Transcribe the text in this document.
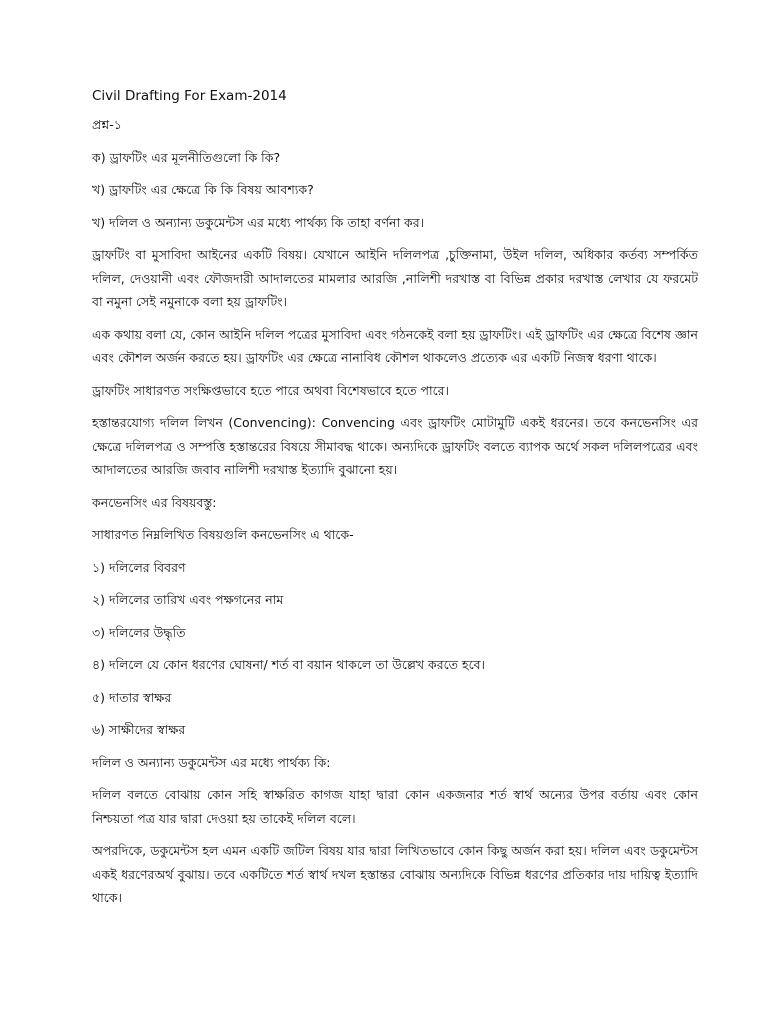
Civil Drafting For Exam-2014

প্রশ্ন-১

ক) ড্রাফটিং এর মূলনীতিগুলো কি কি?

খ) ড্রাফটিং এর ক্ষেত্রে কি কি বিষয় আবশ্যক?

খ) দলিল ও অন্যান্য ডকুমেন্টস এর মধ্যে পার্থক্য কি তাহা বর্ণনা কর।

ড্রাফটিং বা মুসাবিদা আইনের একটি বিষয়। যেখানে আইনি দলিলপত্র ,চুক্তিনামা, উইল দলিল, অধিকার কর্তব্য সম্পর্কিত দলিল, দেওয়ানী এবং ফৌজদারী আদালতের মামলার আরজি ,নালিশী দরখাস্ত বা বিভিন্ন প্রকার দরখাস্ত লেখার যে ফরমেট বা নমুনা সেই নমুনাকে বলা হয় ড্রাফটিং।

এক কথায় বলা যে, কোন আইনি দলিল পত্রের মুসাবিদা এবং গঠনকেই বলা হয় ড্রাফটিং। এই ড্রাফটিং এর ক্ষেত্রে বিশেষ জ্ঞান এবং কৌশল অর্জন করতে হয়। ড্রাফটিং এর ক্ষেত্রে নানাবিধ কৌশল থাকলেও প্রত্যেক এর একটি নিজস্ব ধরণা থাকে।

ড্রাফটিং সাধারণত সংক্ষিপ্তভাবে হতে পারে অথবা বিশেষভাবে হতে পারে।

হস্তান্তরযোগ্য দলিল লিখন (Convencing): Convencing এবং ড্রাফটিং মোটামুটি একই ধরনের। তবে কনভেনসিং এর ক্ষেত্রে দলিলপত্র ও সম্পত্তি হস্তান্তরের বিষয়ে সীমাবদ্ধ থাকে। অন্যদিকে ড্রাফটিং বলতে ব্যাপক অর্থে সকল দলিলপত্রের এবং আদালতের আরজি জবাব নালিশী দরখাস্ত ইত্যাদি বুঝানো হয়।

কনভেনসিং এর বিষয়বস্তু:

সাধারণত নিম্নলিখিত বিষয়গুলি কনভেনসিং এ থাকে-

১) দলিলের বিবরণ

২) দলিলের তারিখ এবং পক্ষগনের নাম

৩) দলিলের উদ্ধৃতি

৪) দলিলে যে কোন ধরণের ঘোষনা/ শর্ত বা বয়ান থাকলে তা উল্লেখ করতে হবে।

৫) দাতার স্বাক্ষর

৬) সাক্ষীদের স্বাক্ষর

দলিল ও অন্যান্য ডকুমেন্টস এর মধ্যে পার্থক্য কি:

দলিল বলতে বোঝায় কোন সহি স্বাক্ষরিত কাগজ যাহা দ্বারা কোন একজনার শর্ত স্বার্থ অন্যের উপর বর্তায় এবং কোন নিশ্চয়তা পত্র যার দ্বারা দেওয়া হয় তাকেই দলিল বলে।

অপরদিকে, ডকুমেন্টস হল এমন একটি জটিল বিষয় যার দ্বারা লিখিতভাবে কোন কিছু অর্জন করা হয়। দলিল এবং ডকুমেন্টস একই ধরণেরঅর্থ বুঝায়। তবে একটিতে শর্ত স্বার্থ দখল হস্তান্তর বোঝায় অন্যদিকে বিভিন্ন ধরণের প্রতিকার দায় দায়িত্ব ইত্যাদি থাকে।
